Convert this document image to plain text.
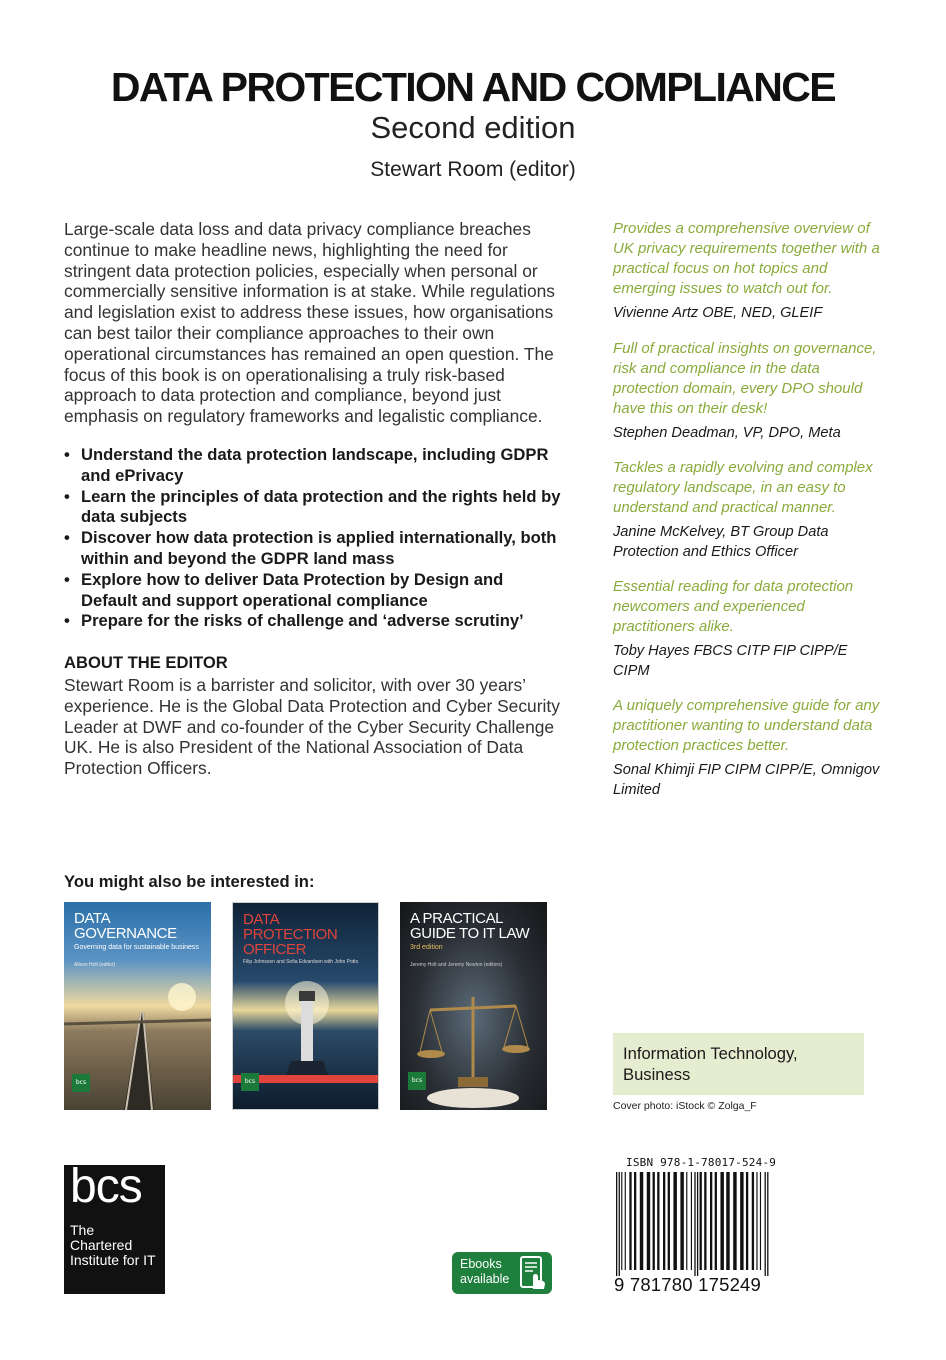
DATA PROTECTION AND COMPLIANCE
Second edition
Stewart Room (editor)

Large-scale data loss and data privacy compliance breaches continue to make headline news, highlighting the need for stringent data protection policies, especially when personal or commercially sensitive information is at stake. While regulations and legislation exist to address these issues, how organisations can best tailor their compliance approaches to their own operational circumstances has remained an open question. The focus of this book is on operationalising a truly risk-based approach to data protection and compliance, beyond just emphasis on regulatory frameworks and legalistic compliance.

• Understand the data protection landscape, including GDPR and ePrivacy
• Learn the principles of data protection and the rights held by data subjects
• Discover how data protection is applied internationally, both within and beyond the GDPR land mass
• Explore how to deliver Data Protection by Design and Default and support operational compliance
• Prepare for the risks of challenge and ‘adverse scrutiny’
ABOUT THE EDITOR

Stewart Room is a barrister and solicitor, with over 30 years’ experience. He is the Global Data Protection and Cyber Security Leader at DWF and co-founder of the Cyber Security Challenge UK. He is also President of the National Association of Data Protection Officers.

Provides a comprehensive overview of UK privacy requirements together with a practical focus on hot topics and emerging issues to watch out for.
Vivienne Artz OBE, NED, GLEIF
Full of practical insights on governance, risk and compliance in the data protection domain, every DPO should have this on their desk!
Stephen Deadman, VP, DPO, Meta
Tackles a rapidly evolving and complex regulatory landscape, in an easy to understand and practical manner.
Janine McKelvey, BT Group Data Protection and Ethics Officer
Essential reading for data protection newcomers and experienced practitioners alike.
Toby Hayes FBCS CITP FIP CIPP/E CIPM
A uniquely comprehensive guide for any practitioner wanting to understand data protection practices better.
Sonal Khimji FIP CIPM CIPP/E, Omnigov Limited
You might also be interested in:
DATA GOVERNANCE
Governing data for sustainable business
Alison Holt (editor)
bcs
DATA PROTECTION OFFICER
Filip Johnssen and Sofia Edvardsen with John Potts
bcs
A PRACTICAL GUIDE TO IT LAW
3rd edition
Jeremy Holt and Jeremy Newton (editors)
bcs
Information Technology, Business
Cover photo: iStock © Zolga_F
ISBN 978-1-78017-524-9
9 781780 175249
bcs
The Chartered Institute for IT	Ebooks available
